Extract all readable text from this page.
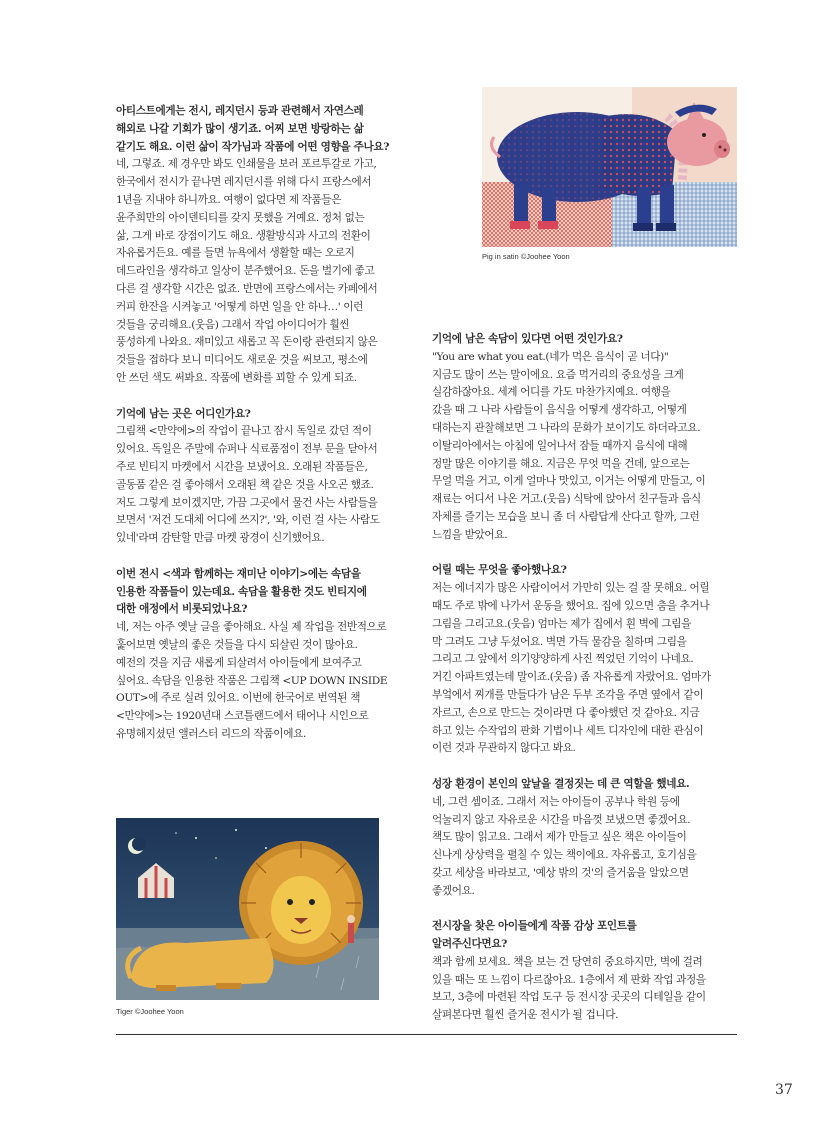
아티스트에게는 전시, 레지던시 등과 관련해서 자연스레
해외로 나갈 기회가 많이 생기죠. 어찌 보면 방랑하는 삶
같기도 해요. 이런 삶이 작가님과 작품에 어떤 영향을 주나요?
네, 그렇죠. 제 경우만 봐도 인쇄물을 보러 포르투갈로 가고,
한국에서 전시가 끝나면 레지던시를 위해 다시 프랑스에서
1년을 지내야 하니까요. 여행이 없다면 제 작품들은
윤주희만의 아이덴티티를 갖지 못했을 거예요. 정처 없는
삶, 그게 바로 장점이기도 해요. 생활방식과 사고의 전환이
자유롭거든요. 예를 들면 뉴욕에서 생활할 때는 오로지
데드라인을 생각하고 일상이 분주했어요. 돈을 벌기에 좋고
다른 걸 생각할 시간은 없죠. 반면에 프랑스에서는 카페에서
커피 한잔을 시켜놓고 '어떻게 하면 일을 안 하나…' 이런
것들을 궁리해요.(웃음) 그래서 작업 아이디어가 훨씬
풍성하게 나와요. 재미있고 새롭고 꼭 돈이랑 관련되지 않은
것들을 접하다 보니 미디어도 새로운 것을 써보고, 평소에
안 쓰던 색도 써봐요. 작품에 변화를 꾀할 수 있게 되죠.

기억에 남는 곳은 어디인가요?
그림책 <만약에>의 작업이 끝나고 잠시 독일로 갔던 적이
있어요. 독일은 주말에 슈퍼나 식료품점이 전부 문을 닫아서
주로 빈티지 마켓에서 시간을 보냈어요. 오래된 작품들은,
골동품 같은 걸 좋아해서 오래된 책 같은 것을 사오곤 했죠.
저도 그렇게 보이겠지만, 가끔 그곳에서 물건 사는 사람들을
보면서 '저건 도대체 어디에 쓰지?', '와, 이런 걸 사는 사람도
있네'라며 감탄할 만큼 마켓 광경이 신기했어요.

이번 전시 <색과 함께하는 재미난 이야기>에는 속담을
인용한 작품들이 있는데요. 속담을 활용한 것도 빈티지에
대한 애정에서 비롯되었나요?
네, 저는 아주 옛날 글을 좋아해요. 사실 제 작업을 전반적으로
훑어보면 옛날의 좋은 것들을 다시 되살린 것이 많아요.
예전의 것을 지금 새롭게 되살려서 아이들에게 보여주고
싶어요. 속담을 인용한 작품은 그림책 <UP DOWN INSIDE
OUT>에 주로 실려 있어요. 이번에 한국어로 번역된 책
<만약에>는 1920년대 스코틀랜드에서 태어나 시인으로
유명해지셨던 앨러스터 리드의 작품이에요.

기억에 남은 속담이 있다면 어떤 것인가요?
"You are what you eat.(네가 먹은 음식이 곧 너다)"
지금도 많이 쓰는 말이에요. 요즘 먹거리의 중요성을 크게
실감하잖아요. 세계 어디를 가도 마찬가지예요. 여행을
갔을 때 그 나라 사람들이 음식을 어떻게 생각하고, 어떻게
대하는지 관찰해보면 그 나라의 문화가 보이기도 하더라고요.
이탈리아에서는 아침에 일어나서 잠들 때까지 음식에 대해
정말 많은 이야기를 해요. 지금은 무엇 먹을 건데, 앞으로는
무얼 먹을 거고, 이게 얼마나 맛있고, 이거는 어떻게 만들고, 이
재료는 어디서 나온 거고.(웃음) 식탁에 앉아서 친구들과 음식
자체를 즐기는 모습을 보니 좀 더 사람답게 산다고 할까, 그런
느낌을 받았어요.

어릴 때는 무엇을 좋아했나요?
저는 에너지가 많은 사람이어서 가만히 있는 걸 잘 못해요. 어릴
때도 주로 밖에 나가서 운동을 했어요. 집에 있으면 춤을 추거나
그림을 그리고요.(웃음) 엄마는 제가 집에서 흰 벽에 그림을
막 그려도 그냥 두셨어요. 벽면 가득 물감을 칠하며 그림을
그리고 그 앞에서 의기양양하게 사진 찍었던 기억이 나네요.
거긴 아파트였는데 말이죠.(웃음) 좀 자유롭게 자랐어요. 엄마가
부엌에서 찌개를 만들다가 남은 두부 조각을 주면 옆에서 같이
자르고, 손으로 만드는 것이라면 다 좋아했던 것 같아요. 지금
하고 있는 수작업의 판화 기법이나 세트 디자인에 대한 관심이
이런 것과 무관하지 않다고 봐요.

성장 환경이 본인의 앞날을 결정짓는 데 큰 역할을 했네요.
네, 그런 셈이죠. 그래서 저는 아이들이 공부나 학원 등에
억눌리지 않고 자유로운 시간을 마음껏 보냈으면 좋겠어요.
책도 많이 읽고요. 그래서 제가 만들고 싶은 책은 아이들이
신나게 상상력을 펼칠 수 있는 책이에요. 자유롭고, 호기심을
갖고 세상을 바라보고, '예상 밖의 것'의 즐거움을 알았으면
좋겠어요.

전시장을 찾은 아이들에게 작품 감상 포인트를
알려주신다면요?
책과 함께 보세요. 책을 보는 건 당연히 중요하지만, 벽에 걸려
있을 때는 또 느낌이 다르잖아요. 1층에서 제 판화 작업 과정을
보고, 3층에 마련된 작업 도구 등 전시장 곳곳의 디테일을 같이
살펴본다면 훨씬 즐거운 전시가 될 겁니다.

Pig in satin ©Joohee Yoon
Tiger ©Joohee Yoon
37
